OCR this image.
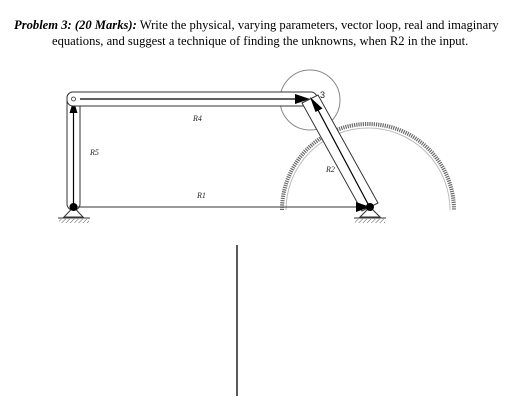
Problem 3: (20 Marks): Write the physical, varying parameters, vector loop, real and imaginary
equations, and suggest a technique of finding the unknowns, when R2 in the input.
3
R4
R5
R2
R1
